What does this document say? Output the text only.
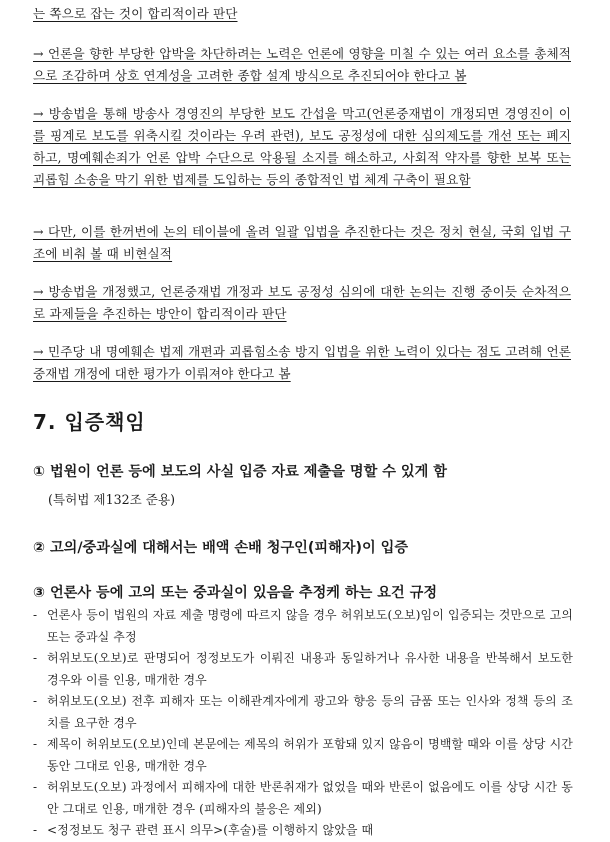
는 쪽으로 잡는 것이 합리적이라 판단
→ 언론을 향한 부당한 압박을 차단하려는 노력은 언론에 영향을 미칠 수 있는 여러 요소를 총체적으로 조감하며 상호 연계성을 고려한 종합 설계 방식으로 추진되어야 한다고 봄
→ 방송법을 통해 방송사 경영진의 부당한 보도 간섭을 막고(언론중재법이 개정되면 경영진이 이를 핑계로 보도를 위축시킬 것이라는 우려 관련), 보도 공정성에 대한 심의제도를 개선 또는 폐지하고, 명예훼손죄가 언론 압박 수단으로 악용될 소지를 해소하고, 사회적 약자를 향한 보복 또는 괴롭힘 소송을 막기 위한 법제를 도입하는 등의 종합적인 법 체계 구축이 필요함
→ 다만, 이를 한꺼번에 논의 테이블에 올려 일괄 입법을 추진한다는 것은 정치 현실, 국회 입법 구조에 비춰 볼 때 비현실적
→ 방송법을 개정했고, 언론중재법 개정과 보도 공정성 심의에 대한 논의는 진행 중이듯 순차적으로 과제들을 추진하는 방안이 합리적이라 판단
→ 민주당 내 명예훼손 법제 개편과 괴롭힘소송 방지 입법을 위한 노력이 있다는 점도 고려해 언론중재법 개정에 대한 평가가 이뤄져야 한다고 봄
7. 입증책임
① 법원이 언론 등에 보도의 사실 입증 자료 제출을 명할 수 있게 함
(특허법 제132조 준용)
② 고의/중과실에 대해서는 배액 손배 청구인(피해자)이 입증
③ 언론사 등에 고의 또는 중과실이 있음을 추정케 하는 요건 규정
- 언론사 등이 법원의 자료 제출 명령에 따르지 않을 경우 허위보도(오보)임이 입증되는 것만으로 고의 또는 중과실 추정
- 허위보도(오보)로 판명되어 정정보도가 이뤄진 내용과 동일하거나 유사한 내용을 반복해서 보도한 경우와 이를 인용, 매개한 경우
- 허위보도(오보) 전후 피해자 또는 이해관계자에게 광고와 향응 등의 금품 또는 인사와 정책 등의 조치를 요구한 경우
- 제목이 허위보도(오보)인데 본문에는 제목의 허위가 포함돼 있지 않음이 명백할 때와 이를 상당 시간 동안 그대로 인용, 매개한 경우
- 허위보도(오보) 과정에서 피해자에 대한 반론취재가 없었을 때와 반론이 없음에도 이를 상당 시간 동안 그대로 인용, 매개한 경우 (피해자의 불응은 제외)
- <정정보도 청구 관련 표시 의무>(후술)를 이행하지 않았을 때
